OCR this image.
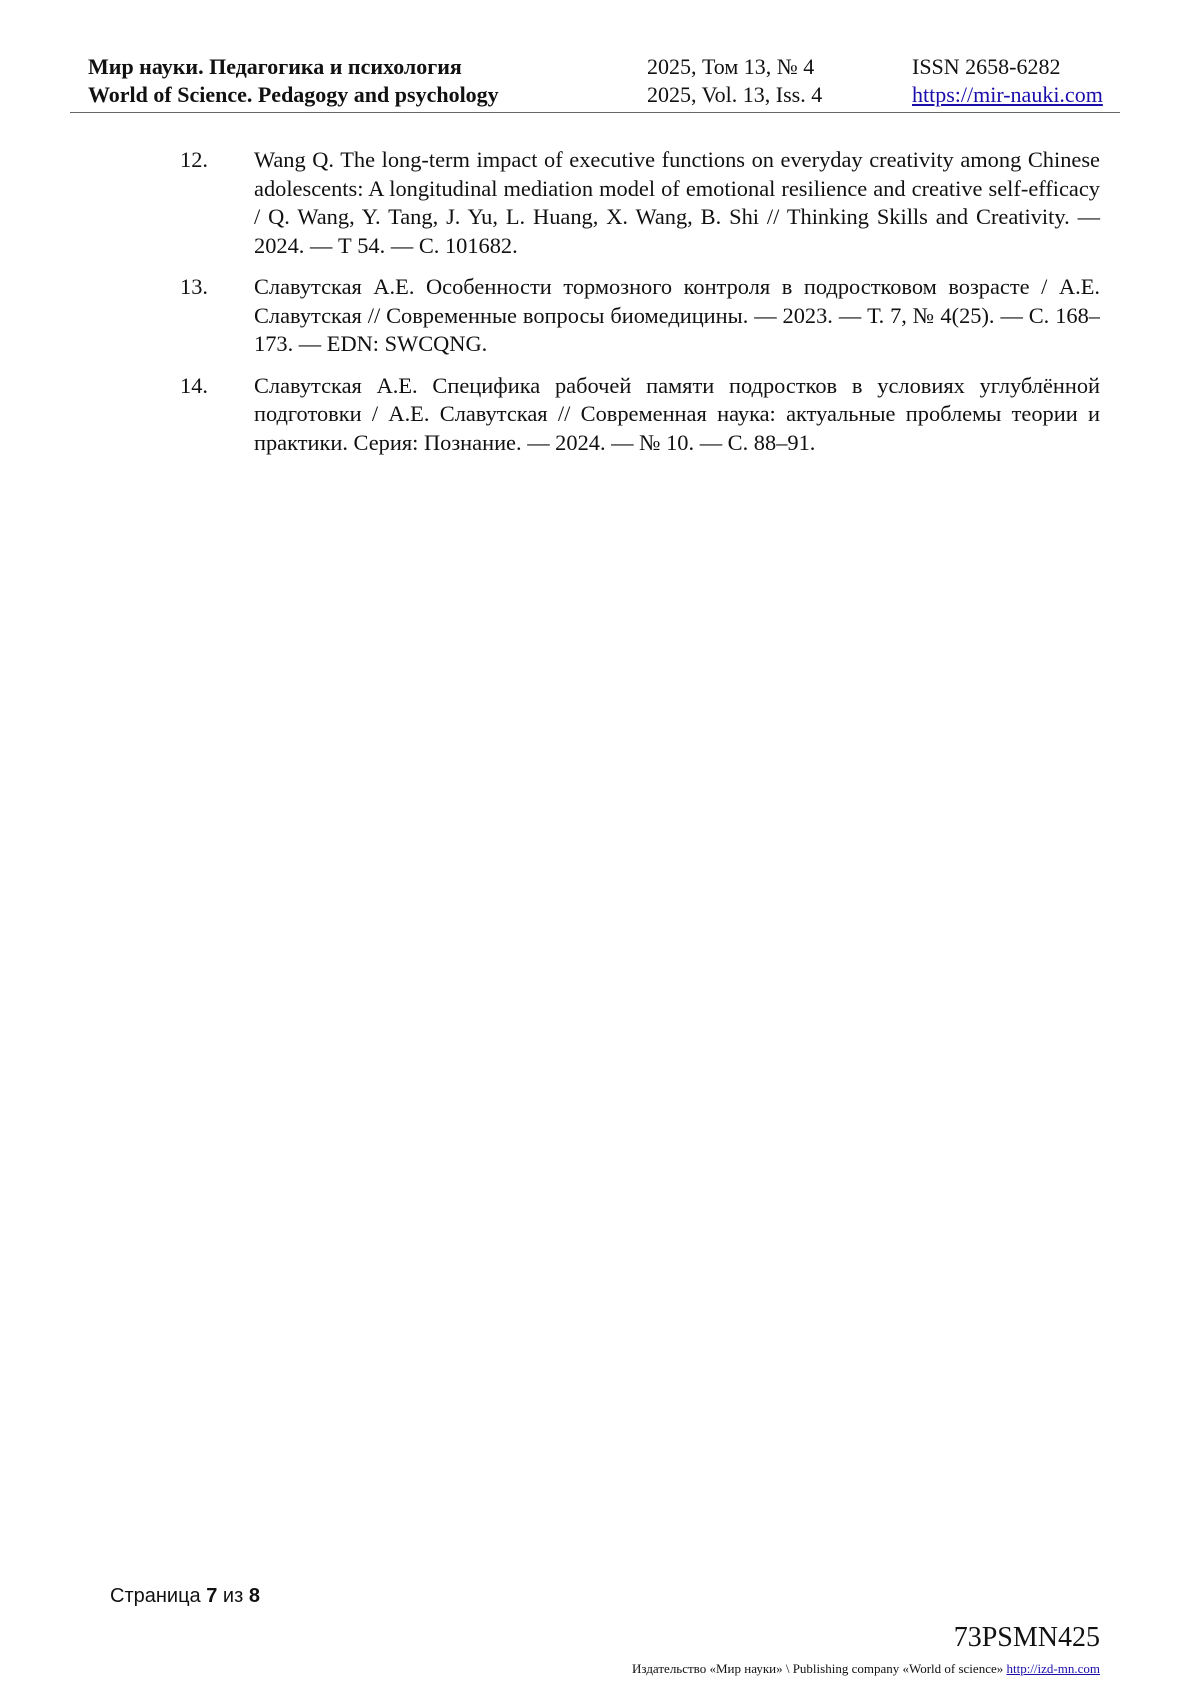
Мир науки. Педагогика и психология
World of Science. Pedagogy and psychology
2025, Том 13, № 4
2025, Vol. 13, Iss. 4
ISSN 2658-6282
https://mir-nauki.com
12. Wang Q. The long-term impact of executive functions on everyday creativity among Chinese adolescents: A longitudinal mediation model of emotional resilience and creative self-efficacy / Q. Wang, Y. Tang, J. Yu, L. Huang, X. Wang, B. Shi // Thinking Skills and Creativity. — 2024. — Т 54. — С. 101682.
13. Славутская А.Е. Особенности тормозного контроля в подростковом возрасте / А.Е. Славутская // Современные вопросы биомедицины. — 2023. — Т. 7, № 4(25). — С. 168–173. — EDN: SWCQNG.
14. Славутская А.Е. Специфика рабочей памяти подростков в условиях углублённой подготовки / А.Е. Славутская // Современная наука: актуальные проблемы теории и практики. Серия: Познание. — 2024. — № 10. — С. 88–91.
Страница 7 из 8
73PSMN425
Издательство «Мир науки» \ Publishing company «World of science» http://izd-mn.com
